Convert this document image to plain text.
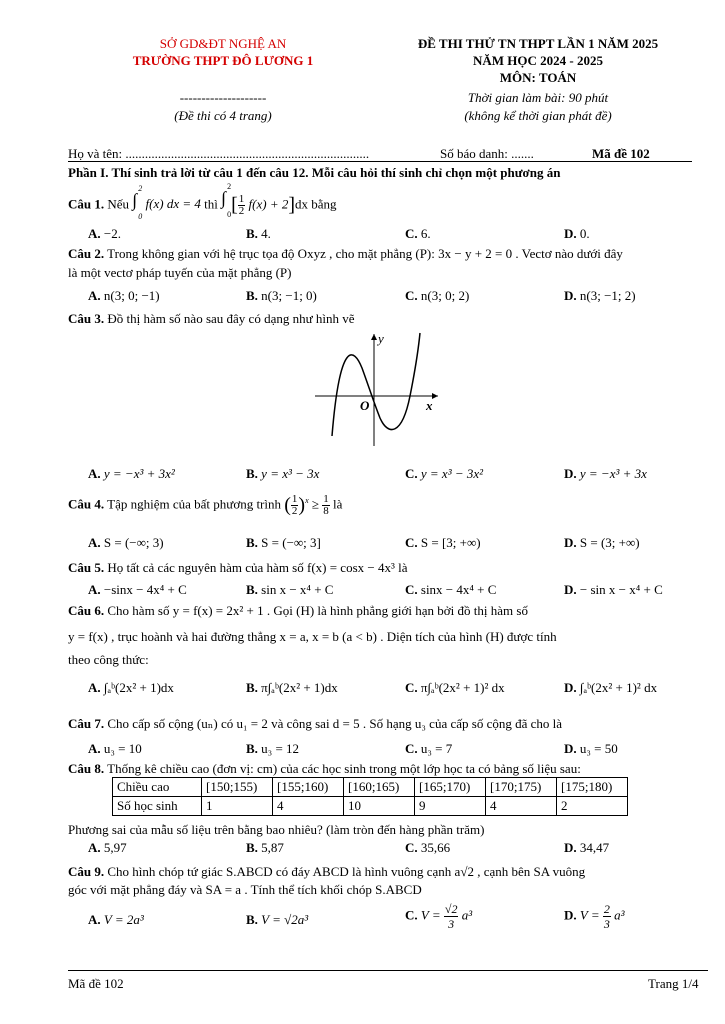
SỞ GD&ĐT NGHỆ AN
TRƯỜNG THPT ĐÔ LƯƠNG 1
--------------------
(Đề thi có 4 trang)
ĐỀ THI THỬ TN THPT LẦN 1 NĂM 2025
NĂM HỌC 2024 - 2025
MÔN: TOÁN
Thời gian làm bài: 90 phút
(không kể thời gian phát đề)
Họ và tên: ...........................................................................	Số báo danh: .......	Mã đề 102
Phần I. Thí sinh trả lời từ câu 1 đến câu 12. Mỗi câu hỏi thí sinh chỉ chọn một phương án
Câu 1. Nếu ∫
2
0
f(x) dx = 4 thì ∫
2
0 [ $\frac{1}{2} f(x) + 2]dx$ bằng
A. −2.	B. 4.	C. 6.	D. 0.
Câu 2. Trong không gian với hệ trục tọa độ Oxyz , cho mặt phẳng (P): 3x − y + 2 = 0 . Vectơ nào dưới đây
là một vectơ pháp tuyến của mặt phẳng (P)
A. n(3; 0; −1)	B. n(3; −1; 0)	C. n(3; 0; 2)	D. n(3; −1; 2)
Câu 3. Đồ thị hàm số nào sau đây có dạng như hình vẽ
y
x
O
A. y = −x³ + 3x²	B. y = x³ − 3x	C. y = x³ − 3x²	D. y = −x³ + 3x
Câu 4. Tập nghiệm của bất phương trình ( $\frac{1}{2} )^x \ge \frac{1}{8}$ là
A. S = (−∞; 3)	B. S = (−∞; 3]	C. S = [3; +∞)	D. S = (3; +∞)
Câu 5. Họ tất cả các nguyên hàm của hàm số f(x) = cosx − 4x³ là
A. −sinx − 4x⁴ + C	B. sin x − x⁴ + C	C. sinx − 4x⁴ + C	D. − sin x − x⁴ + C
Câu 6. Cho hàm số y = f(x) = 2x² + 1 . Gọi (H) là hình phẳng giới hạn bởi đồ thị hàm số
y = f(x) , trục hoành và hai đường thẳng x = a, x = b (a < b) . Diện tích của hình (H) được tính
theo công thức:
A. ∫ₐᵇ(2x² + 1)dx	B. π∫ₐᵇ(2x² + 1)dx	C. π∫ₐᵇ(2x² + 1)² dx	D. ∫ₐᵇ(2x² + 1)² dx
Câu 7. Cho cấp số cộng (uₙ) có u₁ = 2 và công sai d = 5 . Số hạng u₃ của cấp số cộng đã cho là
A. u₃ = 10	B. u₃ = 12	C. u₃ = 7	D. u₃ = 50
Câu 8. Thống kê chiều cao (đơn vị: cm) của các học sinh trong một lớp học ta có bảng số liệu sau:
Chiều cao	[150;155)	[155;160)	[160;165)	[165;170)	[170;175)	[175;180)
Số học sinh	1	4	10	9	4	2
Phương sai của mẫu số liệu trên bằng bao nhiêu? (làm tròn đến hàng phần trăm)
A. 5,97	B. 5,87	C. 35,66	D. 34,47
Câu 9. Cho hình chóp tứ giác S.ABCD có đáy ABCD là hình vuông cạnh a√2 , cạnh bên SA vuông
góc với mặt phẳng đáy và SA = a . Tính thể tích khối chóp S.ABCD
A. V = 2a³	B. V = √2a³	C. $V = \frac{√2}{3} a^3$	D. $V = \frac{2}{3} a^3$
Mã đề 102	Trang 1/4
